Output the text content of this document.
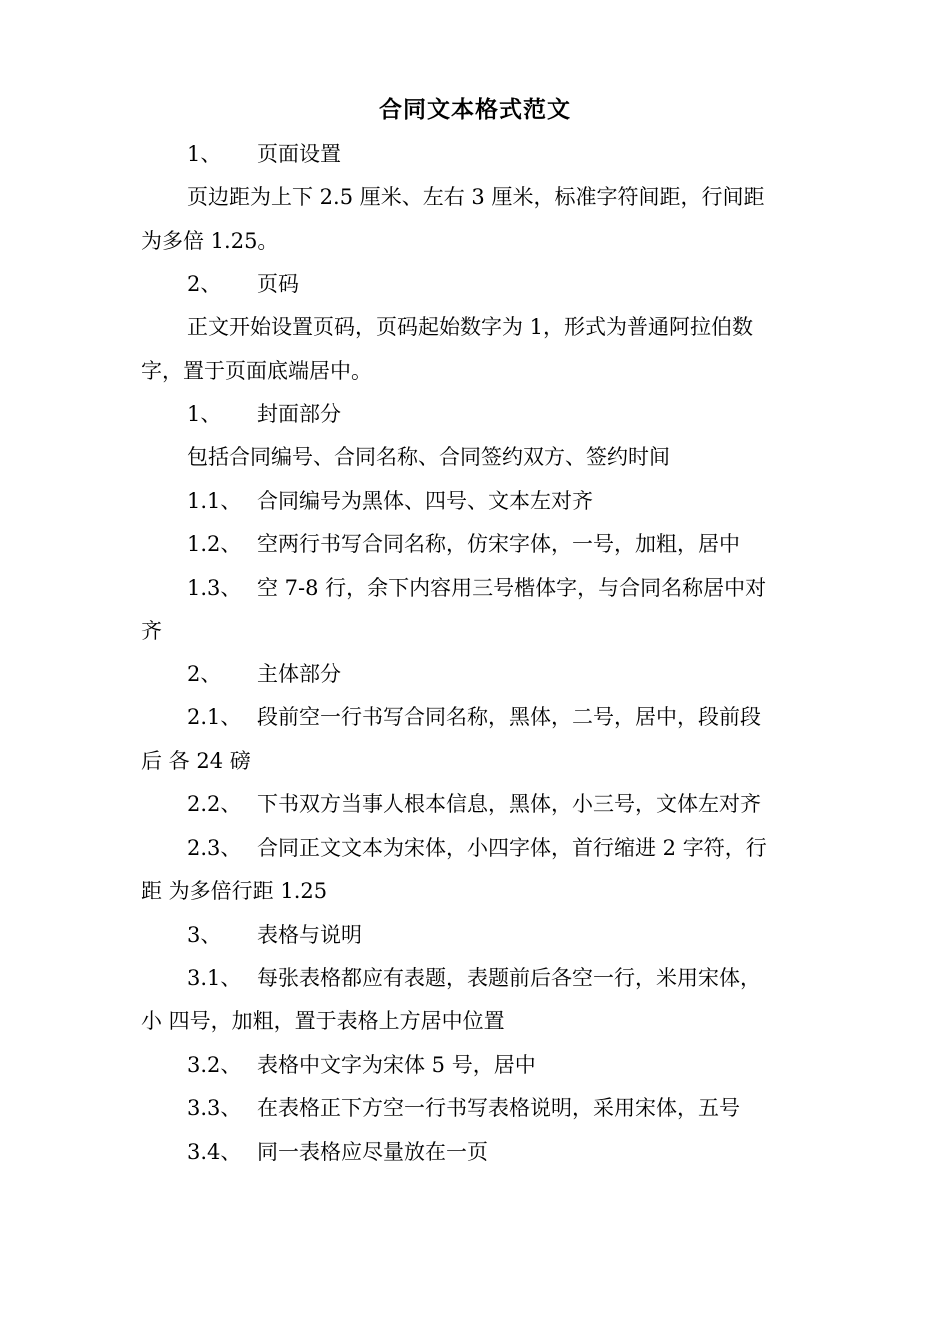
合同文本格式范文
1、 页面设置
页边距为上下 2.5 厘米、左右 3 厘米，标准字符间距，行间距
为多倍 1.25。
2、 页码
正文开始设置页码，页码起始数字为 1，形式为普通阿拉伯数
字，置于页面底端居中。
1、 封面部分
包括合同编号、合同名称、合同签约双方、签约时间
1.1、 合同编号为黑体、四号、文本左对齐
1.2、 空两行书写合同名称，仿宋字体，一号，加粗，居中
1.3、 空 7-8 行，余下内容用三号楷体字，与合同名称居中对
齐
2、 主体部分
2.1、 段前空一行书写合同名称，黑体，二号，居中，段前段
后 各 24 磅
2.2、 下书双方当事人根本信息，黑体，小三号，文体左对齐
2.3、 合同正文文本为宋体，小四字体，首行缩进 2 字符，行
距 为多倍行距 1.25
3、 表格与说明
3.1、 每张表格都应有表题，表题前后各空一行，米用宋体，
小 四号，加粗，置于表格上方居中位置
3.2、 表格中文字为宋体 5 号，居中
3.3、 在表格正下方空一行书写表格说明，采用宋体，五号
3.4、 同一表格应尽量放在一页
